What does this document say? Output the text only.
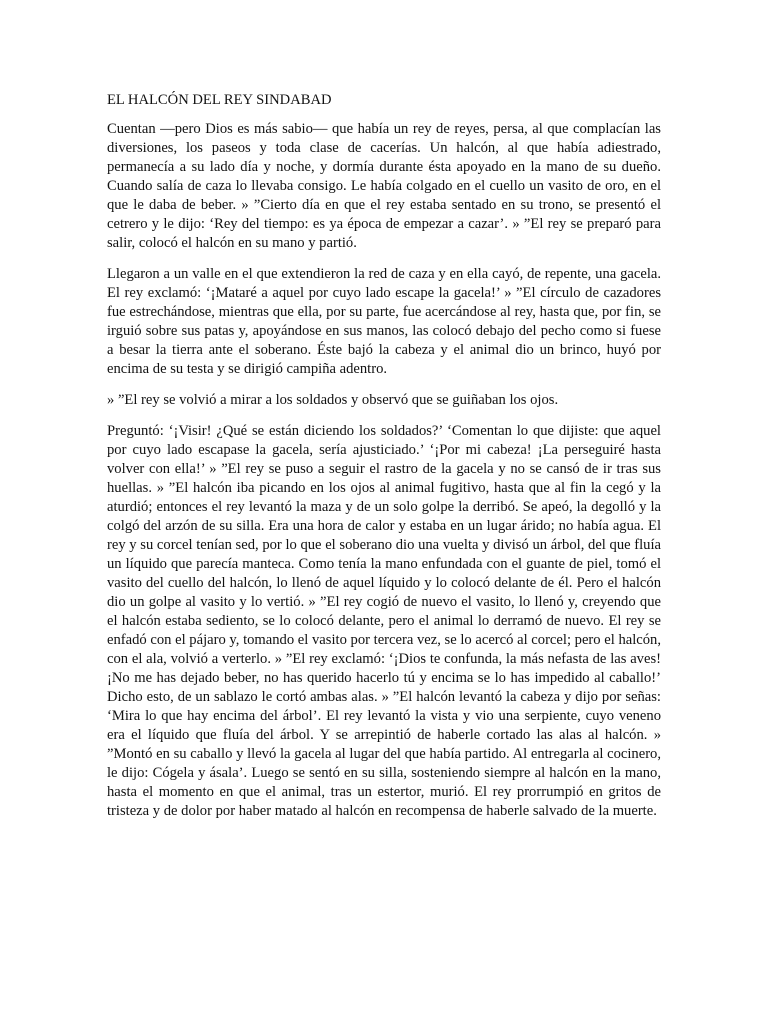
EL HALCÓN DEL REY SINDABAD

Cuentan —pero Dios es más sabio— que había un rey de reyes, persa, al que complacían las diversiones, los paseos y toda clase de cacerías. Un halcón, al que había adiestrado, permanecía a su lado día y noche, y dormía durante ésta apoyado en la mano de su dueño. Cuando salía de caza lo llevaba consigo. Le había colgado en el cuello un vasito de oro, en el que le daba de beber. » ”Cierto día en que el rey estaba sentado en su trono, se presentó el cetrero y le dijo: ‘Rey del tiempo: es ya época de empezar a cazar’. » ”El rey se preparó para salir, colocó el halcón en su mano y partió.

Llegaron a un valle en el que extendieron la red de caza y en ella cayó, de repente, una gacela. El rey exclamó: ‘¡Mataré a aquel por cuyo lado escape la gacela!’ » ”El círculo de cazadores fue estrechándose, mientras que ella, por su parte, fue acercándose al rey, hasta que, por fin, se irguió sobre sus patas y, apoyándose en sus manos, las colocó debajo del pecho como si fuese a besar la tierra ante el soberano. Éste bajó la cabeza y el animal dio un brinco, huyó por encima de su testa y se dirigió campiña adentro.

» ”El rey se volvió a mirar a los soldados y observó que se guiñaban los ojos.

Preguntó: ‘¡Visir! ¿Qué se están diciendo los soldados?’ ‘Comentan lo que dijiste: que aquel por cuyo lado escapase la gacela, sería ajusticiado.’ ‘¡Por mi cabeza! ¡La perseguiré hasta volver con ella!’ » ”El rey se puso a seguir el rastro de la gacela y no se cansó de ir tras sus huellas. » ”El halcón iba picando en los ojos al animal fugitivo, hasta que al fin la cegó y la aturdió; entonces el rey levantó la maza y de un solo golpe la derribó. Se apeó, la degolló y la colgó del arzón de su silla. Era una hora de calor y estaba en un lugar árido; no había agua. El rey y su corcel tenían sed, por lo que el soberano dio una vuelta y divisó un árbol, del que fluía un líquido que parecía manteca. Como tenía la mano enfundada con el guante de piel, tomó el vasito del cuello del halcón, lo llenó de aquel líquido y lo colocó delante de él. Pero el halcón dio un golpe al vasito y lo vertió. » ”El rey cogió de nuevo el vasito, lo llenó y, creyendo que el halcón estaba sediento, se lo colocó delante, pero el animal lo derramó de nuevo. El rey se enfadó con el pájaro y, tomando el vasito por tercera vez, se lo acercó al corcel; pero el halcón, con el ala, volvió a verterlo. » ”El rey exclamó: ‘¡Dios te confunda, la más nefasta de las aves! ¡No me has dejado beber, no has querido hacerlo tú y encima se lo has impedido al caballo!’ Dicho esto, de un sablazo le cortó ambas alas. » ”El halcón levantó la cabeza y dijo por señas: ‘Mira lo que hay encima del árbol’. El rey levantó la vista y vio una serpiente, cuyo veneno era el líquido que fluía del árbol. Y se arrepintió de haberle cortado las alas al halcón. » ”Montó en su caballo y llevó la gacela al lugar del que había partido. Al entregarla al cocinero, le dijo: Cógela y ásala’. Luego se sentó en su silla, sosteniendo siempre al halcón en la mano, hasta el momento en que el animal, tras un estertor, murió. El rey prorrumpió en gritos de tristeza y de dolor por haber matado al halcón en recompensa de haberle salvado de la muerte.
